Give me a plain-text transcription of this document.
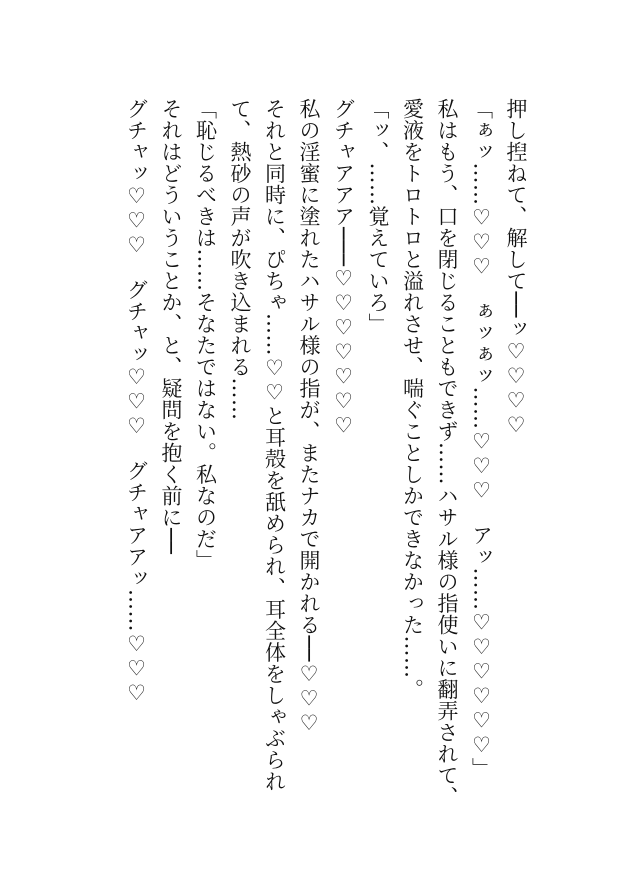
押し揑ねて、解して──ッ♡♡♡♡
「ぁッ……♡♡♡　ぁッぁッ……♡♡♡　アッ……♡♡♡♡♡♡」
私はもう、口を閉じることもできず……ハサル様の指使いに翻弄されて、
愛液をトロトロと溢れさせ、喘ぐことしかできなかった……。
「ッ、……覚えていろ」
グチャアアア───♡♡♡♡♡♡♡
私の淫蜜に塗れたハサル様の指が、またナカで開かれる──♡♡♡
それと同時に、ぴちゃ……♡♡と耳殻を舐められ、耳全体をしゃぶられ
て、熱砂の声が吹き込まれる……
「恥じるべきは……そなたではない。私なのだ」
それはどういうことか、と、疑問を抱く前に──
グチャッ♡♡♡　グチャッ♡♡♡　グチャアアッ……♡♡♡
